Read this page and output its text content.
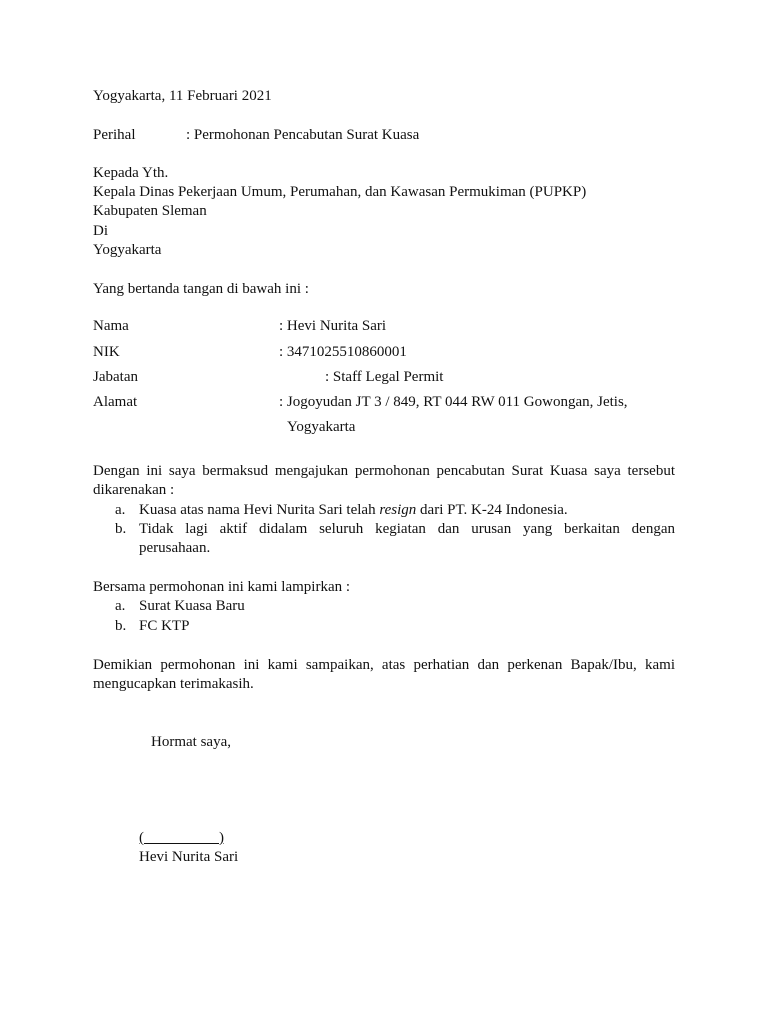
Yogyakarta, 11 Februari 2021
Perihal	: Permohonan Pencabutan Surat Kuasa
Kepada Yth.
Kepala Dinas Pekerjaan Umum, Perumahan, dan Kawasan Permukiman (PUPKP)
Kabupaten Sleman
Di
Yogyakarta
Yang bertanda tangan di bawah ini :
Nama	: Hevi Nurita Sari
NIK	: 3471025510860001
Jabatan	: Staff Legal Permit
Alamat	: Jogoyudan JT 3 / 849, RT 044 RW 011 Gowongan, Jetis,
Yogyakarta
Dengan ini saya bermaksud mengajukan permohonan pencabutan Surat Kuasa saya tersebut
dikarenakan :
a. Kuasa atas nama Hevi Nurita Sari telah resign dari PT. K-24 Indonesia.
b. Tidak lagi aktif didalam seluruh kegiatan dan urusan yang berkaitan dengan
perusahaan.
Bersama permohonan ini kami lampirkan :
a. Surat Kuasa Baru
b. FC KTP
Demikian permohonan ini kami sampaikan, atas perhatian dan perkenan Bapak/Ibu, kami
mengucapkan terimakasih.
Hormat saya,
(                    )
Hevi Nurita Sari
